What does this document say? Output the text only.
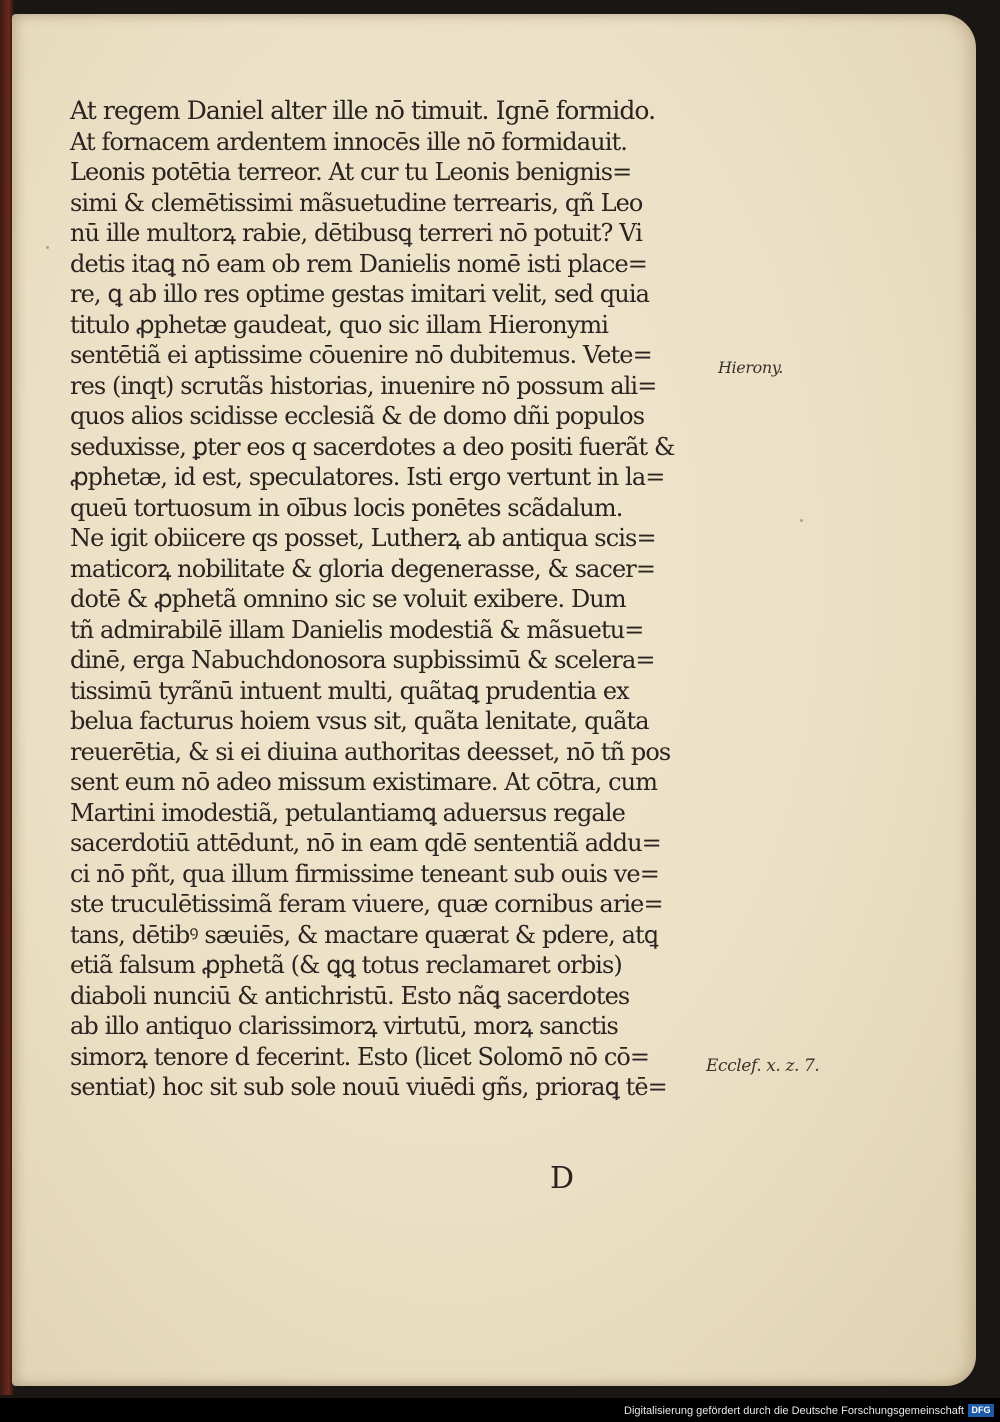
At regem Daniel alter ille nō timuit. Ignē formido.
At fornacem ardentem innocēs ille nō formidauit.
Leonis potētia terreor. At cur tu Leonis benignis=
simi & clemētissimi mãsuetudine terrearis, qñ Leo
nū ille multorꝝ rabie, dētibusꝗ terreri nō potuit? Vi
detis itaꝗ nō eam ob rem Danielis nomē isti place=
re, ꝗ ab illo res optime gestas imitari velit, sed quia
titulo ꝓphetæ gaudeat, quo sic illam Hieronymi
sentētiã ei aptissime cōuenire nō dubitemus. Vete=
res (inqt) scrutãs historias, inuenire nō possum ali=
quos alios scidisse ecclesiã & de domo dñi populos
seduxisse, ꝑter eos q sacerdotes a deo positi fuerãt &
ꝓphetæ, id est, speculatores. Isti ergo vertunt in la=
queū tortuosum in oībus locis ponētes scãdalum.
Ne igit obiicere qs posset, Lutherꝝ ab antiqua scis=
maticorꝝ nobilitate & gloria degenerasse, & sacer=
dotē & ꝓphetã omnino sic se voluit exibere. Dum
tñ admirabilē illam Danielis modestiã & mãsuetu=
dinē, erga Nabuchdonosora supbissimū & scelera=
tissimū tyrãnū intuent multi, quãtaꝗ prudentia ex
belua facturus hoiem vsus sit, quãta lenitate, quãta
reuerētia, & si ei diuina authoritas deesset, nō tñ pos
sent eum nō adeo missum existimare. At cōtra, cum
Martini imodestiã, petulantiamꝗ aduersus regale
sacerdotiū attēdunt, nō in eam qdē sententiã addu=
ci nō pñt, qua illum firmissime teneant sub ouis ve=
ste truculētissimã feram viuere, quæ cornibus arie=
tans, dētibꝰ sæuiēs, & mactare quærat & pdere, atꝗ
etiã falsum ꝓphetã (& ꝗꝗ totus reclamaret orbis)
diaboli nunciū & antichristū. Esto nãꝗ sacerdotes
ab illo antiquo clarissimorꝝ virtutū, morꝝ sanctis
simorꝝ tenore d fecerint. Esto (licet Solomō nō cō=
sentiat) hoc sit sub sole nouū viuēdi gñs, prioraꝗ tē=
Hierony.
Ecclef. x. z. 7.
D
Digitalisierung gefördert durch die Deutsche Forschungsgemeinschaft DFG
